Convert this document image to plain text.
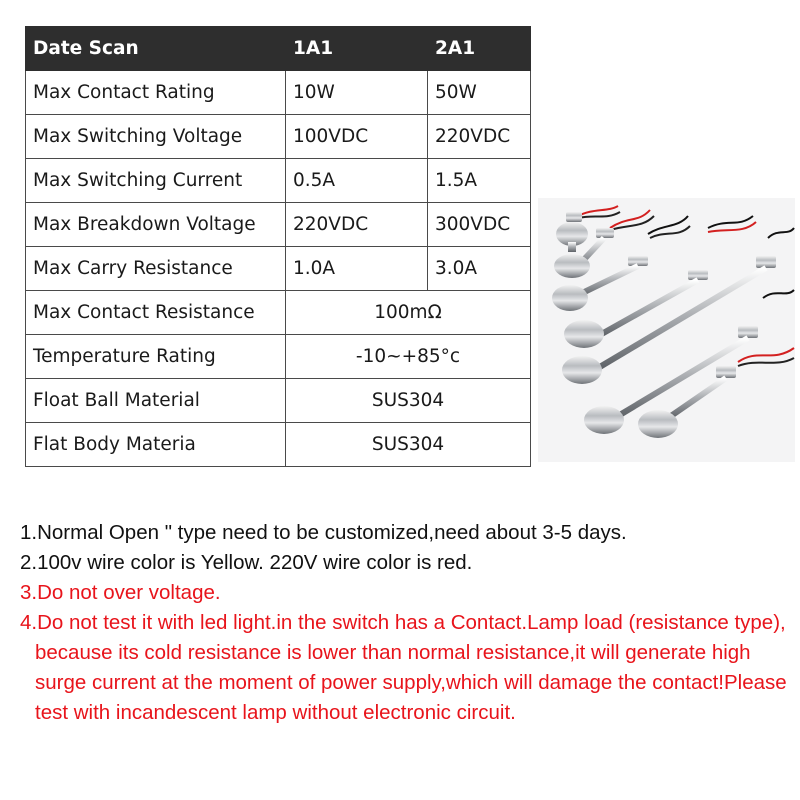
Date Scan	1A1	2A1
Max Contact Rating	10W	50W
Max Switching Voltage	100VDC	220VDC
Max Switching Current	0.5A	1.5A
Max Breakdown Voltage	220VDC	300VDC
Max Carry Resistance	1.0A	3.0A
Max Contact Resistance	100mΩ	
Temperature Rating	-10~+85°c	
Float Ball Material	SUS304	
Flat Body Materia	SUS304	

1.Normal Open " type need to be customized,need about 3-5 days.

2.100v wire color is Yellow. 220V wire color is red.

3.Do not over voltage.

4.Do not test it with led light.in the switch has a Contact.Lamp load (resistance type), because its cold resistance is lower than normal resistance,it will generate high surge current at the moment of power supply,which will damage the contact!Please test with incandescent lamp without electronic circuit.
